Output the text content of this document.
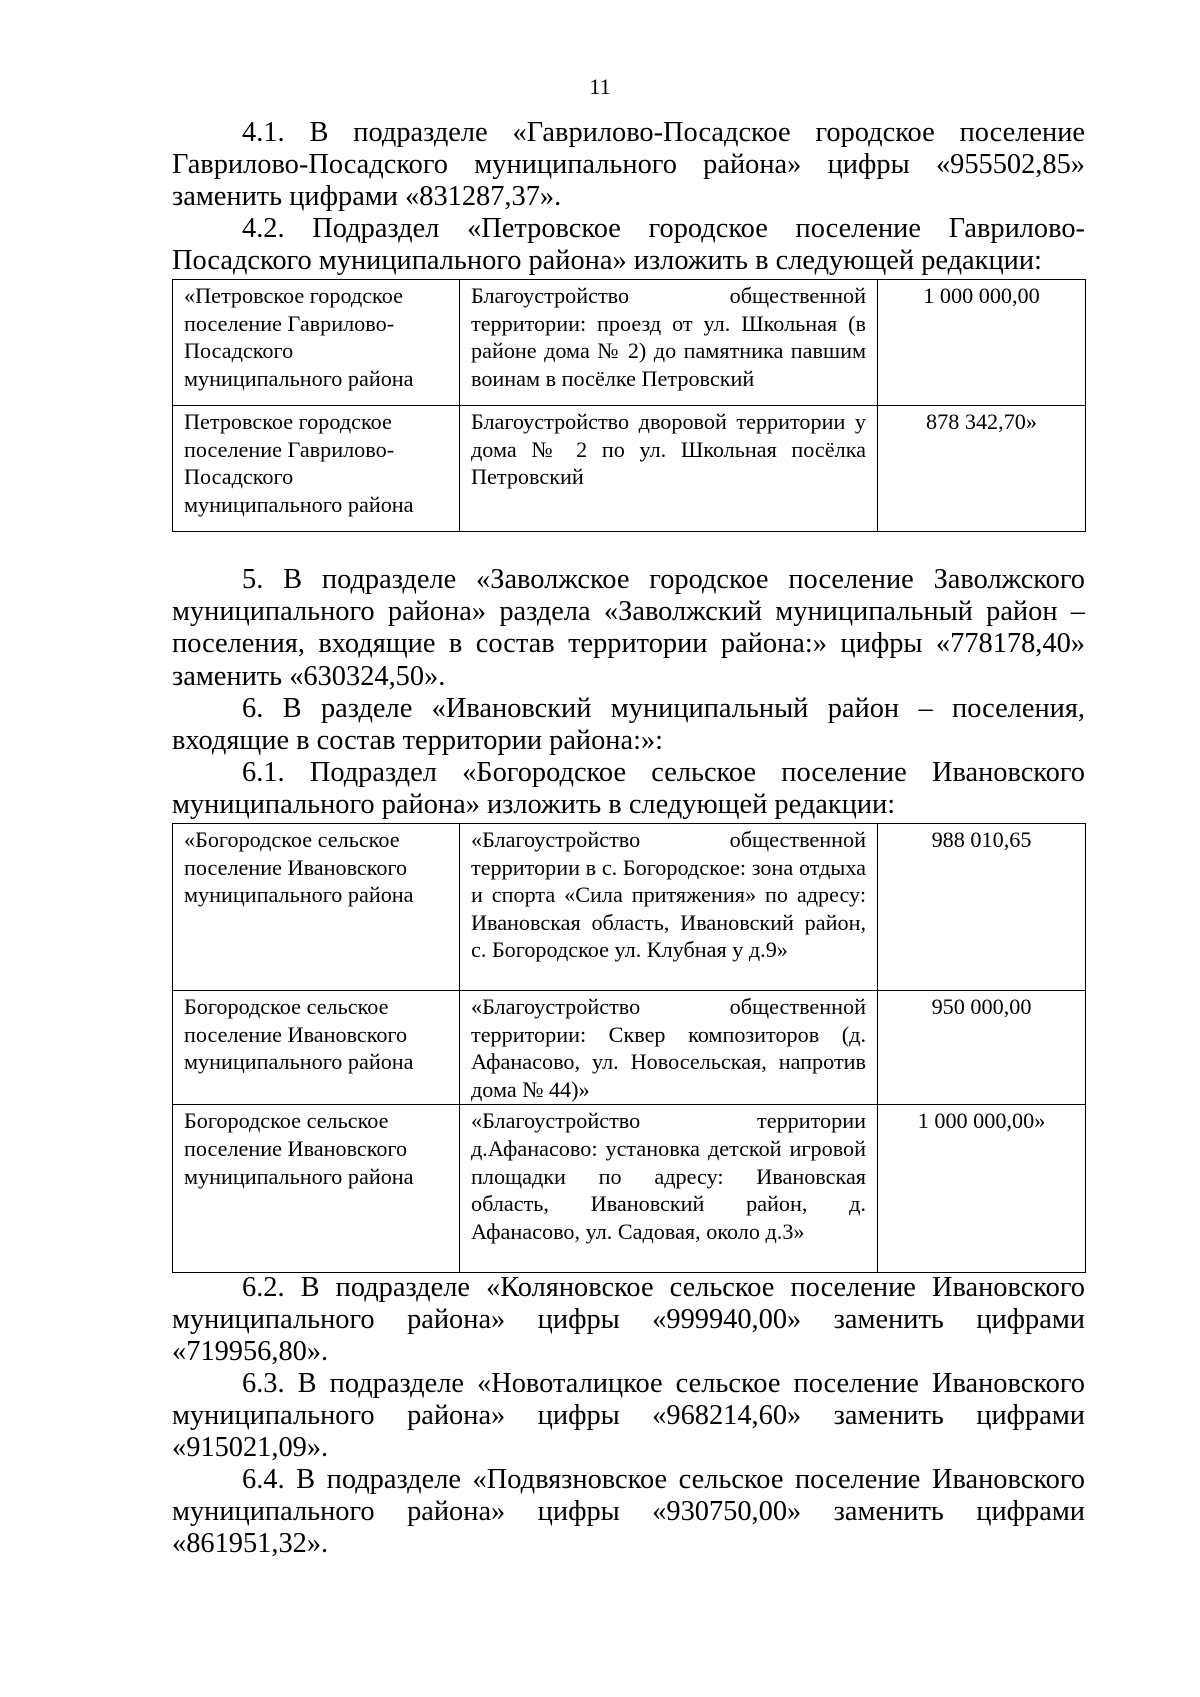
11
4.1. В подразделе «Гаврилово-Посадское городское поселение Гаврилово-Посадского муниципального района» цифры «955502,85» заменить цифрами «831287,37».
4.2. Подраздел «Петровское городское поселение Гаврилово-Посадского муниципального района» изложить в следующей редакции:
«Петровское городское поселение Гаврилово-Посадского муниципального района	Благоустройство общественной территории: проезд от ул. Школьная (в районе дома № 2) до памятника павшим воинам в посёлке Петровский	1 000 000,00
Петровское городское поселение Гаврилово-Посадского муниципального района	Благоустройство дворовой территории у дома № 2 по ул. Школьная посёлка Петровский	878 342,70»
5. В подразделе «Заволжское городское поселение Заволжского муниципального района» раздела «Заволжский муниципальный район – поселения, входящие в состав территории района:» цифры «778178,40» заменить «630324,50».
6. В разделе «Ивановский муниципальный район – поселения, входящие в состав территории района:»:
6.1. Подраздел «Богородское сельское поселение Ивановского муниципального района» изложить в следующей редакции:
«Богородское сельское поселение Ивановского муниципального района	«Благоустройство общественной территории в с. Богородское: зона отдыха и спорта «Сила притяжения» по адресу: Ивановская область, Ивановский район, с. Богородское ул. Клубная у д.9»	988 010,65
Богородское сельское поселение Ивановского муниципального района	«Благоустройство общественной территории: Сквер композиторов (д. Афанасово, ул. Новосельская, напротив дома № 44)»	950 000,00
Богородское сельское поселение Ивановского муниципального района	«Благоустройство территории д.Афанасово: установка детской игровой площадки по адресу: Ивановская область, Ивановский район, д. Афанасово, ул. Садовая, около д.3»	1 000 000,00»
6.2. В подразделе «Коляновское сельское поселение Ивановского муниципального района» цифры «999940,00» заменить цифрами «719956,80».
6.3. В подразделе «Новоталицкое сельское поселение Ивановского муниципального района» цифры «968214,60» заменить цифрами «915021,09».
6.4. В подразделе «Подвязновское сельское поселение Ивановского муниципального района» цифры «930750,00» заменить цифрами «861951,32».
